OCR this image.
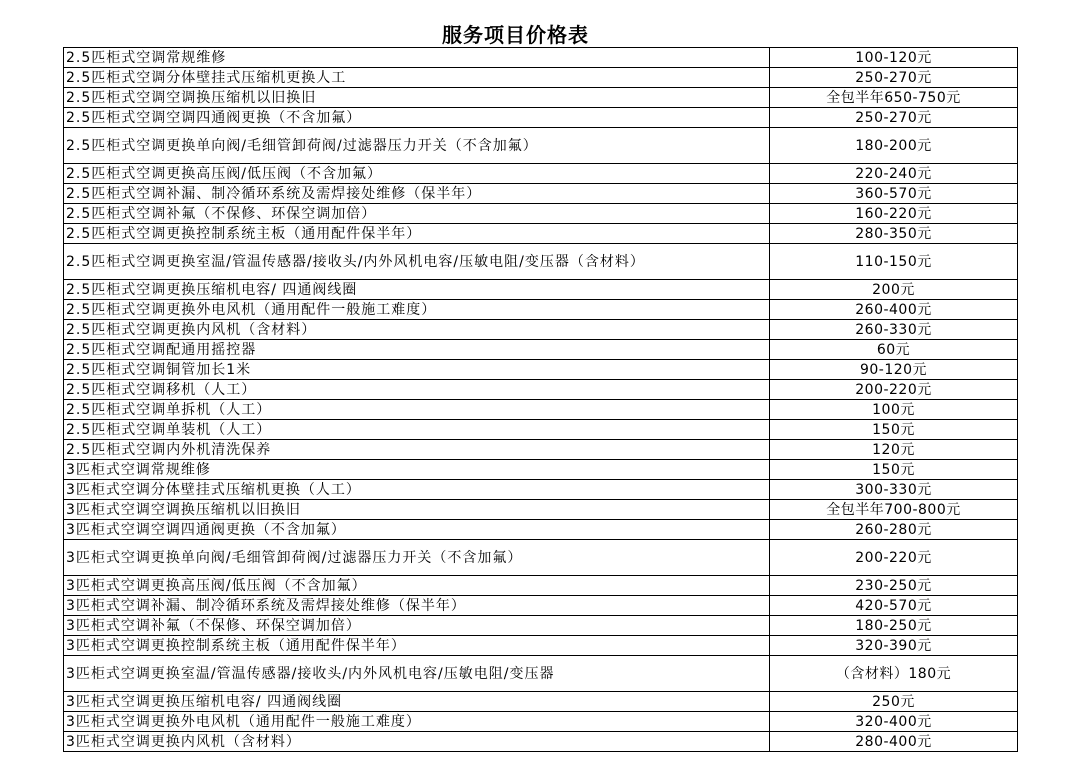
服务项目价格表
2.5匹柜式空调常规维修	100-120元
2.5匹柜式空调分体壁挂式压缩机更换人工	250-270元
2.5匹柜式空调空调换压缩机以旧换旧	全包半年650-750元
2.5匹柜式空调空调四通阀更换（不含加氟）	250-270元
2.5匹柜式空调更换单向阀/毛细管卸荷阀/过滤器压力开关（不含加氟）	180-200元
2.5匹柜式空调更换高压阀/低压阀（不含加氟）	220-240元
2.5匹柜式空调补漏、制冷循环系统及需焊接处维修（保半年）	360-570元
2.5匹柜式空调补氟（不保修、环保空调加倍）	160-220元
2.5匹柜式空调更换控制系统主板（通用配件保半年）	280-350元
2.5匹柜式空调更换室温/管温传感器/接收头/内外风机电容/压敏电阻/变压器（含材料）	110-150元
2.5匹柜式空调更换压缩机电容/ 四通阀线圈	200元
2.5匹柜式空调更换外电风机（通用配件一般施工难度）	260-400元
2.5匹柜式空调更换内风机（含材料）	260-330元
2.5匹柜式空调配通用摇控器	60元
2.5匹柜式空调铜管加长1米	90-120元
2.5匹柜式空调移机（人工）	200-220元
2.5匹柜式空调单拆机（人工）	100元
2.5匹柜式空调单装机（人工）	150元
2.5匹柜式空调内外机清洗保养	120元
3匹柜式空调常规维修	150元
3匹柜式空调分体壁挂式压缩机更换（人工）	300-330元
3匹柜式空调空调换压缩机以旧换旧	全包半年700-800元
3匹柜式空调空调四通阀更换（不含加氟）	260-280元
3匹柜式空调更换单向阀/毛细管卸荷阀/过滤器压力开关（不含加氟）	200-220元
3匹柜式空调更换高压阀/低压阀（不含加氟）	230-250元
3匹柜式空调补漏、制冷循环系统及需焊接处维修（保半年）	420-570元
3匹柜式空调补氟（不保修、环保空调加倍）	180-250元
3匹柜式空调更换控制系统主板（通用配件保半年）	320-390元
3匹柜式空调更换室温/管温传感器/接收头/内外风机电容/压敏电阻/变压器	（含材料）180元
3匹柜式空调更换压缩机电容/ 四通阀线圈	250元
3匹柜式空调更换外电风机（通用配件一般施工难度）	320-400元
3匹柜式空调更换内风机（含材料）	280-400元
